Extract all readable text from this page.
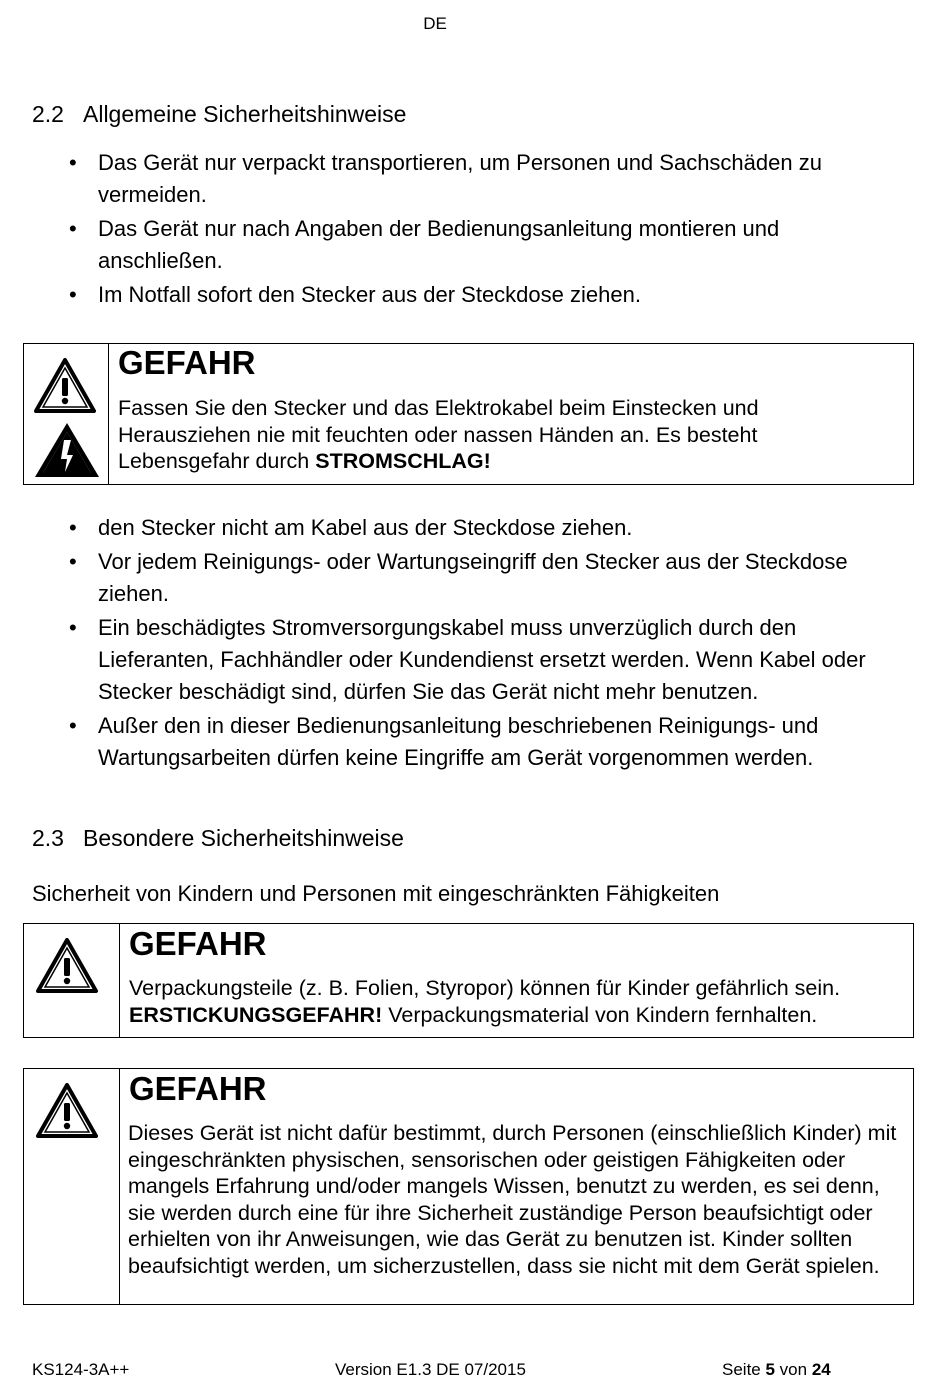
DE
2.2 Allgemeine Sicherheitshinweise
• Das Gerät nur verpackt transportieren, um Personen und Sachschäden zu vermeiden.
• Das Gerät nur nach Angaben der Bedienungsanleitung montieren und anschließen.
• Im Notfall sofort den Stecker aus der Steckdose ziehen.
GEFAHR
Fassen Sie den Stecker und das Elektrokabel beim Einstecken und Herausziehen nie mit feuchten oder nassen Händen an. Es besteht Lebensgefahr durch STROMSCHLAG!
• den Stecker nicht am Kabel aus der Steckdose ziehen.
• Vor jedem Reinigungs- oder Wartungseingriff den Stecker aus der Steckdose ziehen.
• Ein beschädigtes Stromversorgungskabel muss unverzüglich durch den Lieferanten, Fachhändler oder Kundendienst ersetzt werden. Wenn Kabel oder Stecker beschädigt sind, dürfen Sie das Gerät nicht mehr benutzen.
• Außer den in dieser Bedienungsanleitung beschriebenen Reinigungs- und Wartungsarbeiten dürfen keine Eingriffe am Gerät vorgenommen werden.
2.3 Besondere Sicherheitshinweise
Sicherheit von Kindern und Personen mit eingeschränkten Fähigkeiten
GEFAHR
Verpackungsteile (z. B. Folien, Styropor) können für Kinder gefährlich sein.
ERSTICKUNGSGEFAHR! Verpackungsmaterial von Kindern fernhalten.
GEFAHR
Dieses Gerät ist nicht dafür bestimmt, durch Personen (einschließlich Kinder) mit eingeschränkten physischen, sensorischen oder geistigen Fähigkeiten oder mangels Erfahrung und/oder mangels Wissen, benutzt zu werden, es sei denn, sie werden durch eine für ihre Sicherheit zuständige Person beaufsichtigt oder erhielten von ihr Anweisungen, wie das Gerät zu benutzen ist. Kinder sollten beaufsichtigt werden, um sicherzustellen, dass sie nicht mit dem Gerät spielen.
KS124-3A++	Version E1.3 DE 07/2015	Seite 5 von 24
